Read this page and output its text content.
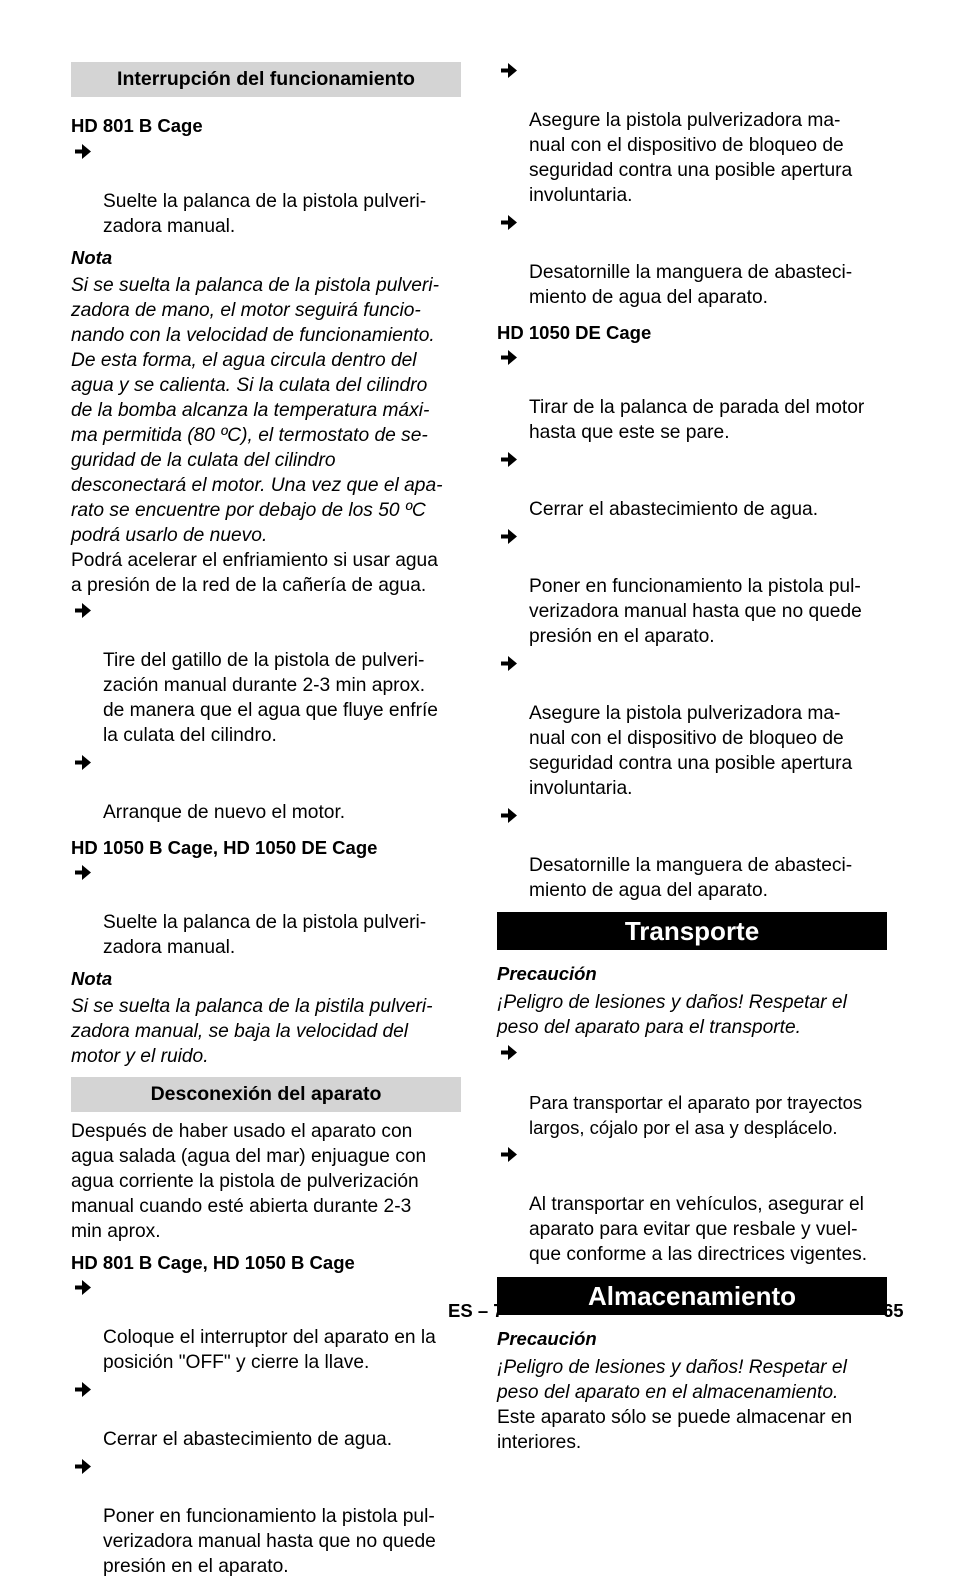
Interrupción del funcionamiento
HD 801 B Cage

Suelte la palanca de la pistola pulveri-
zadora manual.

Nota

Si se suelta la palanca de la pistola pulveri-
zadora de mano, el motor seguirá funcio-
nando con la velocidad de funcionamiento.
De esta forma, el agua circula dentro del
agua y se calienta. Si la culata del cilindro
de la bomba alcanza la temperatura máxi-
ma permitida (80 ºC), el termostato de se-
guridad de la culata del cilindro
desconectará el motor. Una vez que el apa-
rato se encuentre por debajo de los 50 ºC
podrá usarlo de nuevo.

Podrá acelerar el enfriamiento si usar agua
a presión de la red de la cañería de agua.

Tire del gatillo de la pistola de pulveri-
zación manual durante 2-3 min aprox.
de manera que el agua que fluye enfríe
la culata del cilindro.

Arranque de nuevo el motor.

HD 1050 B Cage, HD 1050 DE Cage

Suelte la palanca de la pistola pulveri-
zadora manual.

Nota

Si se suelta la palanca de la pistila pulveri-
zadora manual, se baja la velocidad del
motor y el ruido.

Desconexión del aparato

Después de haber usado el aparato con
agua salada (agua del mar) enjuague con
agua corriente la pistola de pulverización
manual cuando esté abierta durante 2-3
min aprox.

HD 801 B Cage, HD 1050 B Cage

Coloque el interruptor del aparato en la
posición "OFF" y cierre la llave.

Cerrar el abastecimiento de agua.

Poner en funcionamiento la pistola pul-
verizadora manual hasta que no quede
presión en el aparato.

Asegure la pistola pulverizadora ma-
nual con el dispositivo de bloqueo de
seguridad contra una posible apertura
involuntaria.

Desatornille la manguera de abasteci-
miento de agua del aparato.

HD 1050 DE Cage

Tirar de la palanca de parada del motor
hasta que este se pare.

Cerrar el abastecimiento de agua.

Poner en funcionamiento la pistola pul-
verizadora manual hasta que no quede
presión en el aparato.

Asegure la pistola pulverizadora ma-
nual con el dispositivo de bloqueo de
seguridad contra una posible apertura
involuntaria.

Desatornille la manguera de abasteci-
miento de agua del aparato.

Transporte
Precaución

¡Peligro de lesiones y daños! Respetar el
peso del aparato para el transporte.

Para transportar el aparato por trayectos
largos, cójalo por el asa y desplácelo.

Al transportar en vehículos, asegurar el
aparato para evitar que resbale y vuel-
que conforme a las directrices vigentes.

Almacenamiento
Precaución

¡Peligro de lesiones y daños! Respetar el
peso del aparato en el almacenamiento.

Este aparato sólo se puede almacenar en
interiores.

ES – 7	65
